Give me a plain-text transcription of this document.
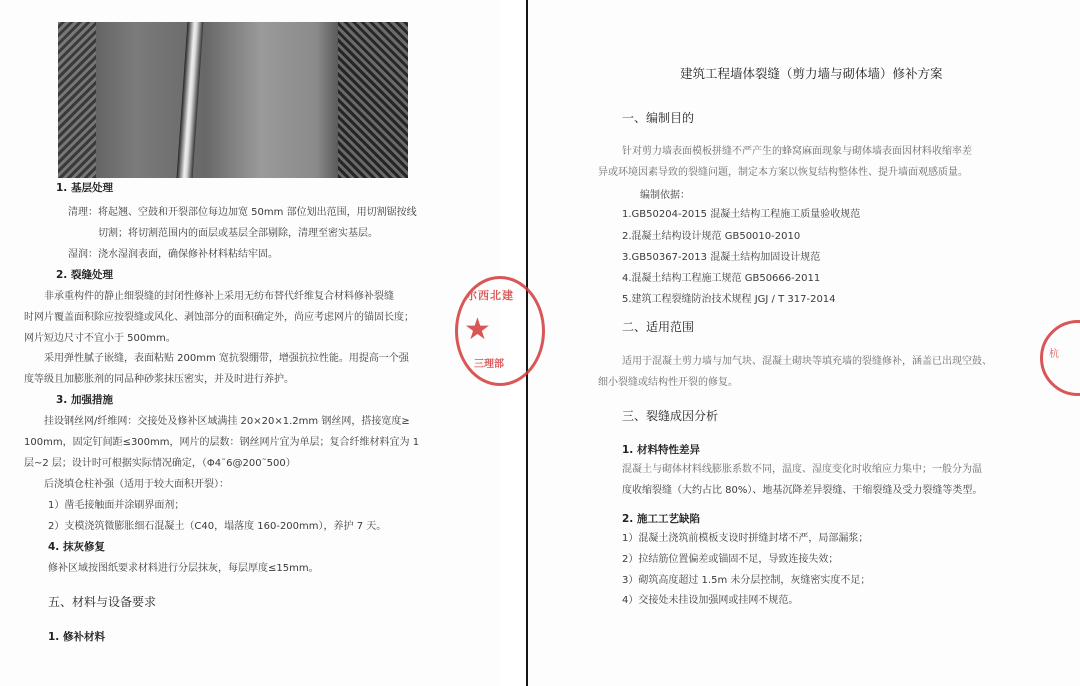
1. 基层处理
清理：将起翘、空鼓和开裂部位每边加宽 50mm 部位划出范围，用切割锯按线
切割；将切割范围内的面层或基层全部剔除，清理至密实基层。
湿润：浇水湿润表面，确保修补材料粘结牢固。
2. 裂缝处理
非承重构件的静止细裂缝的封闭性修补上采用无纺布替代纤维复合材料修补裂缝
时网片覆盖面积除应按裂缝或风化、剥蚀部分的面积确定外，尚应考虑网片的锚固长度；
网片短边尺寸不宜小于 500mm。
采用弹性腻子嵌缝，表面粘贴 200mm 宽抗裂绷带，增强抗拉性能。用提高一个强
度等级且加膨胀剂的同品种砂浆抹压密实，并及时进行养护。
3. 加强措施
挂设钢丝网/纤维网：交接处及修补区域满挂 20×20×1.2mm 钢丝网，搭接宽度≥
100mm，固定钉间距≤300mm，网片的层数：钢丝网片宜为单层；复合纤维材料宜为 1
层~2 层；设计时可根据实际情况确定，（Φ4˜6@200˜500）
后浇填仓柱补强（适用于较大面积开裂）：
1）凿毛接触面并涂刷界面剂；
2）支模浇筑微膨胀细石混凝土（C40，塌落度 160-200mm），养护 7 天。
4. 抹灰修复
修补区域按图纸要求材料进行分层抹灰，每层厚度≤15mm。
五、材料与设备要求
1. 修补材料
建筑工程墙体裂缝（剪力墙与砌体墙）修补方案
一、编制目的
针对剪力墙表面模板拼缝不严产生的蜂窝麻面现象与砌体墙表面因材料收缩率差
异或环境因素导致的裂缝问题，制定本方案以恢复结构整体性、提升墙面观感质量。
编制依据：
1.GB50204-2015 混凝土结构工程施工质量验收规范
2.混凝土结构设计规范 GB50010-2010
3.GB50367-2013 混凝土结构加固设计规范
4.混凝土结构工程施工规范 GB50666-2011
5.建筑工程裂缝防治技术规程 JGJ / T 317-2014
二、适用范围
适用于混凝土剪力墙与加气块、混凝土砌块等填充墙的裂缝修补，涵盖已出现空鼓、
细小裂缝或结构性开裂的修复。
三、裂缝成因分析
1. 材料特性差异
混凝土与砌体材料线膨胀系数不同，温度、湿度变化时收缩应力集中；一般分为温
度收缩裂缝（大约占比 80%）、地基沉降差异裂缝、干缩裂缝及受力裂缝等类型。
2. 施工工艺缺陷
1）混凝土浇筑前模板支设时拼缝封堵不严，局部漏浆；
2）拉结筋位置偏差或锚固不足，导致连接失效；
3）砌筑高度超过 1.5m 未分层控制，灰缝密实度不足；
4）交接处未挂设加强网或挂网不规范。
尔西北建
★
三理部
杭
